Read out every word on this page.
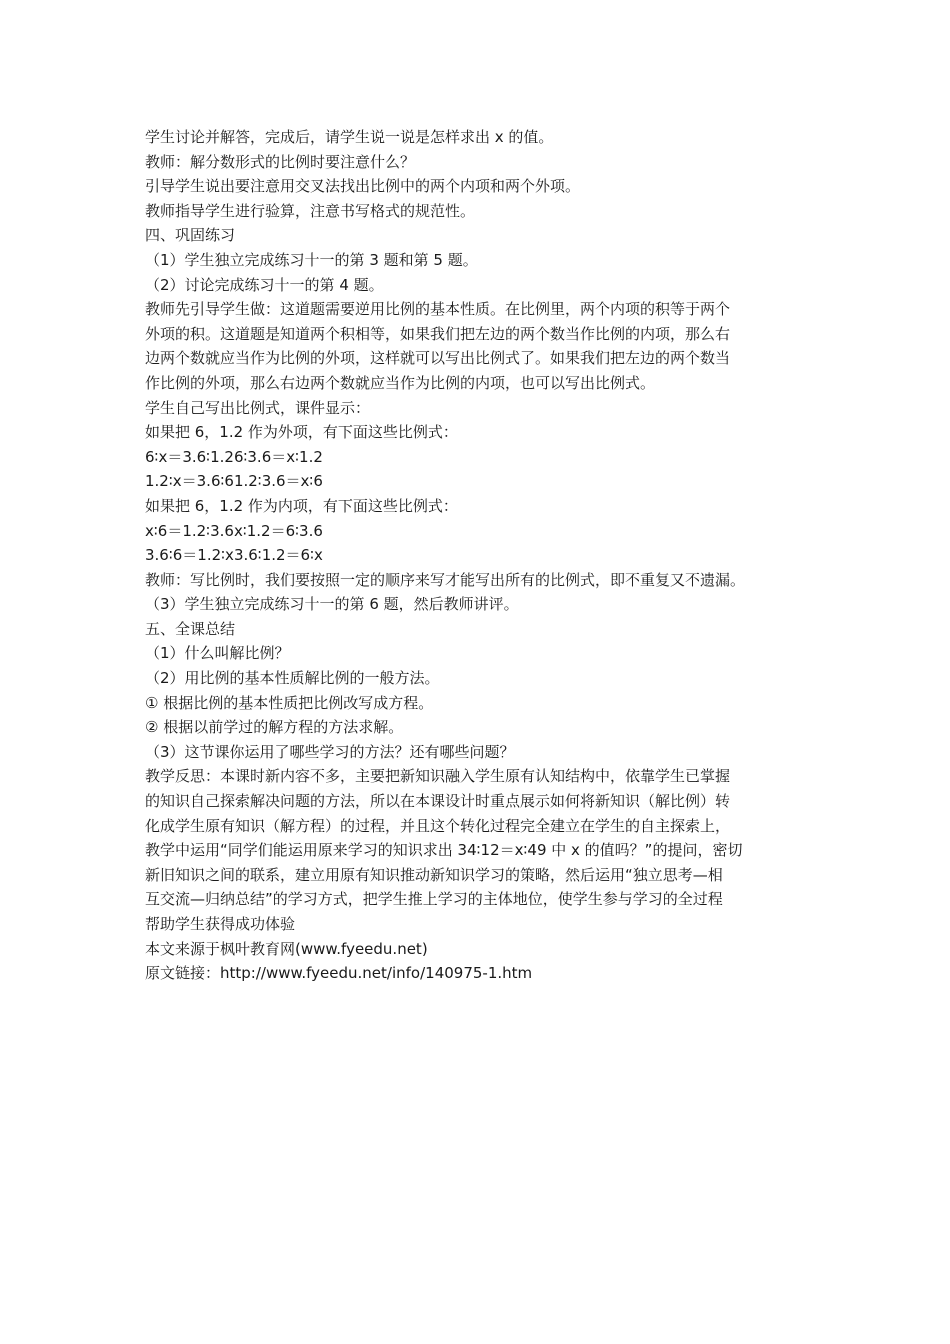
学生讨论并解答，完成后，请学生说一说是怎样求出 x 的值。
教师：解分数形式的比例时要注意什么？
引导学生说出要注意用交叉法找出比例中的两个内项和两个外项。
教师指导学生进行验算，注意书写格式的规范性。
四、巩固练习
（1）学生独立完成练习十一的第 3 题和第 5 题。
（2）讨论完成练习十一的第 4 题。
教师先引导学生做：这道题需要逆用比例的基本性质。在比例里，两个内项的积等于两个
外项的积。这道题是知道两个积相等，如果我们把左边的两个数当作比例的内项，那么右
边两个数就应当作为比例的外项，这样就可以写出比例式了。如果我们把左边的两个数当
作比例的外项，那么右边两个数就应当作为比例的内项，也可以写出比例式。
学生自己写出比例式，课件显示：
如果把 6，1.2 作为外项，有下面这些比例式：
6∶x＝3.6∶1.26∶3.6＝x∶1.2
1.2∶x＝3.6∶61.2∶3.6＝x∶6
如果把 6，1.2 作为内项，有下面这些比例式：
x∶6＝1.2∶3.6x∶1.2＝6∶3.6
3.6∶6＝1.2∶x3.6∶1.2＝6∶x
教师：写比例时，我们要按照一定的顺序来写才能写出所有的比例式，即不重复又不遗漏。
（3）学生独立完成练习十一的第 6 题，然后教师讲评。
五、全课总结
（1）什么叫解比例？
（2）用比例的基本性质解比例的一般方法。
① 根据比例的基本性质把比例改写成方程。
② 根据以前学过的解方程的方法求解。
（3）这节课你运用了哪些学习的方法？还有哪些问题？
教学反思：本课时新内容不多，主要把新知识融入学生原有认知结构中，依靠学生已掌握
的知识自己探索解决问题的方法，所以在本课设计时重点展示如何将新知识（解比例）转
化成学生原有知识（解方程）的过程，并且这个转化过程完全建立在学生的自主探索上，
教学中运用“同学们能运用原来学习的知识求出 34∶12＝x∶49 中 x 的值吗？”的提问，密切
新旧知识之间的联系，建立用原有知识推动新知识学习的策略，然后运用“独立思考—相
互交流—归纳总结”的学习方式，把学生推上学习的主体地位，使学生参与学习的全过程
帮助学生获得成功体验
本文来源于枫叶教育网(www.fyeedu.net)
原文链接：http://www.fyeedu.net/info/140975-1.htm
